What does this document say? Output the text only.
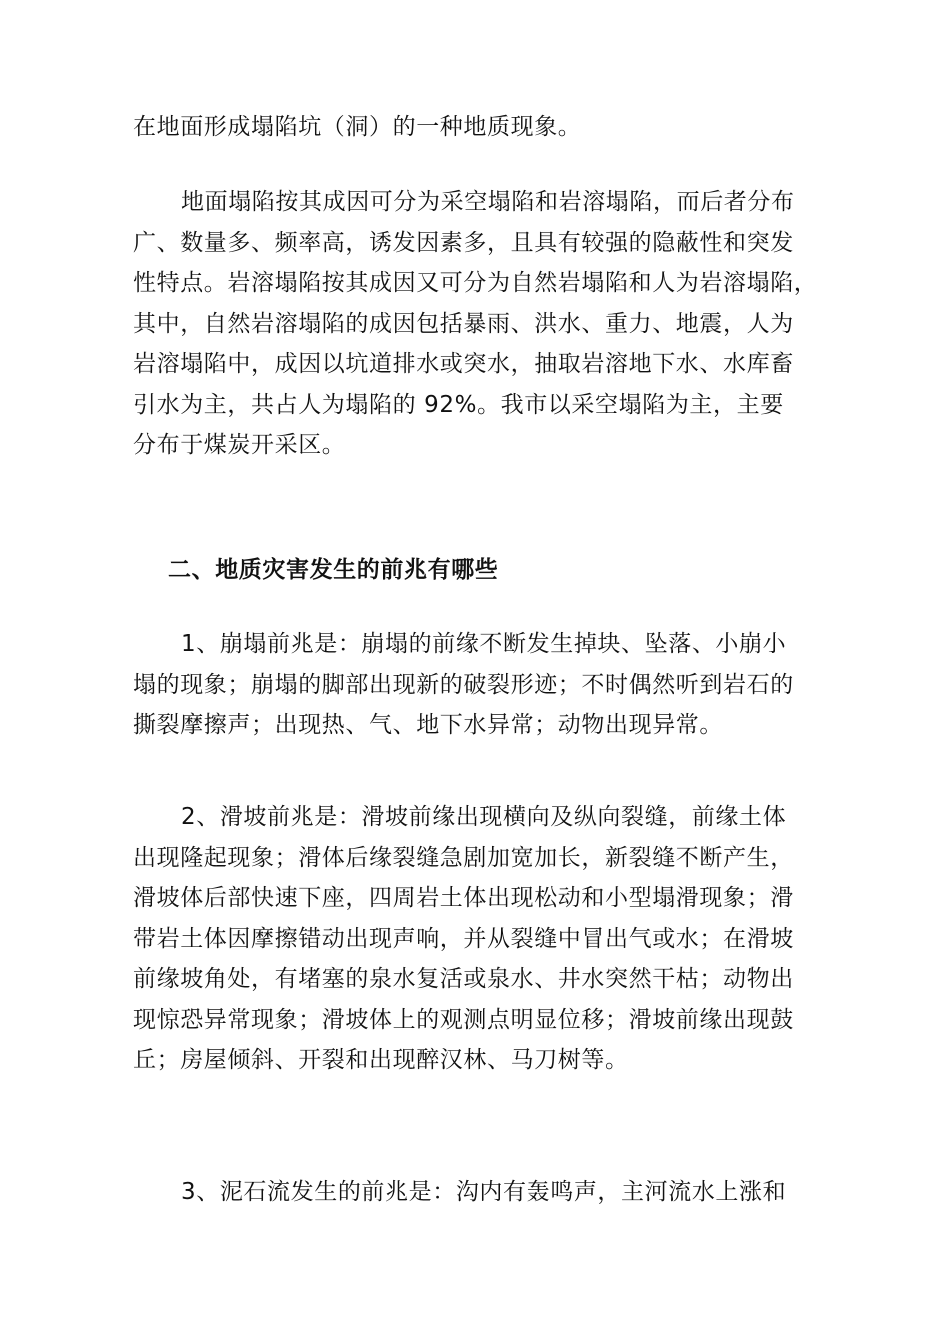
在地面形成塌陷坑（洞）的一种地质现象。

地面塌陷按其成因可分为采空塌陷和岩溶塌陷，而后者分布
广、数量多、频率高，诱发因素多，且具有较强的隐蔽性和突发
性特点。岩溶塌陷按其成因又可分为自然岩塌陷和人为岩溶塌陷，
其中，自然岩溶塌陷的成因包括暴雨、洪水、重力、地震，人为
岩溶塌陷中，成因以坑道排水或突水，抽取岩溶地下水、水库畜
引水为主，共占人为塌陷的 92%。我市以采空塌陷为主，主要
分布于煤炭开采区。

二、地质灾害发生的前兆有哪些

1、崩塌前兆是：崩塌的前缘不断发生掉块、坠落、小崩小
塌的现象；崩塌的脚部出现新的破裂形迹；不时偶然听到岩石的
撕裂摩擦声；出现热、气、地下水异常；动物出现异常。

2、滑坡前兆是：滑坡前缘出现横向及纵向裂缝，前缘土体
出现隆起现象；滑体后缘裂缝急剧加宽加长，新裂缝不断产生，
滑坡体后部快速下座，四周岩土体出现松动和小型塌滑现象；滑
带岩土体因摩擦错动出现声响，并从裂缝中冒出气或水；在滑坡
前缘坡角处，有堵塞的泉水复活或泉水、井水突然干枯；动物出
现惊恐异常现象；滑坡体上的观测点明显位移；滑坡前缘出现鼓
丘；房屋倾斜、开裂和出现醉汉林、马刀树等。

3、泥石流发生的前兆是：沟内有轰鸣声，主河流水上涨和
